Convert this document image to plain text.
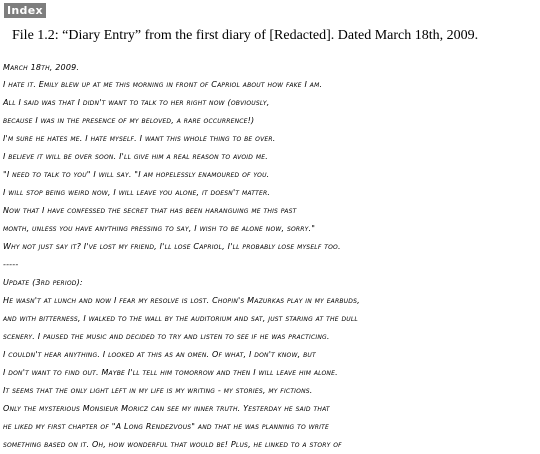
Index
File 1.2: “Diary Entry” from the first diary of [Redacted]. Dated March 18th, 2009.
March 18th, 2009.
I hate it. Emily blew up at me this morning in front of Capriol about how fake I am.
All I said was that I didn't want to talk to her right now (obviously,
because I was in the presence of my beloved, a rare occurrence!)
I'm sure he hates me. I hate myself. I want this whole thing to be over.
I believe it will be over soon. I'll give him a real reason to avoid me.
"I need to talk to you" I will say. "I am hopelessly enamoured of you.
I will stop being weird now, I will leave you alone, it doesn't matter.
Now that I have confessed the secret that has been haranguing me this past
month, unless you have anything pressing to say, I wish to be alone now, sorry."
Why not just say it? I've lost my friend, I'll lose Capriol, I'll probably lose myself too.
-----
Update (3rd period):
He wasn't at lunch and now I fear my resolve is lost. Chopin's Mazurkas play in my earbuds,
and with bitterness, I walked to the wall by the auditorium and sat, just staring at the dull
scenery. I paused the music and decided to try and listen to see if he was practicing.
I couldn't hear anything. I looked at this as an omen. Of what, I don't know, but
I don't want to find out. Maybe I'll tell him tomorrow and then I will leave him alone.
It seems that the only light left in my life is my writing - my stories, my fictions.
Only the mysterious Monsieur Moricz can see my inner truth. Yesterday he said that
he liked my first chapter of "A Long Rendezvous" and that he was planning to write
something based on it. Oh, how wonderful that would be! Plus, he linked to a story of
